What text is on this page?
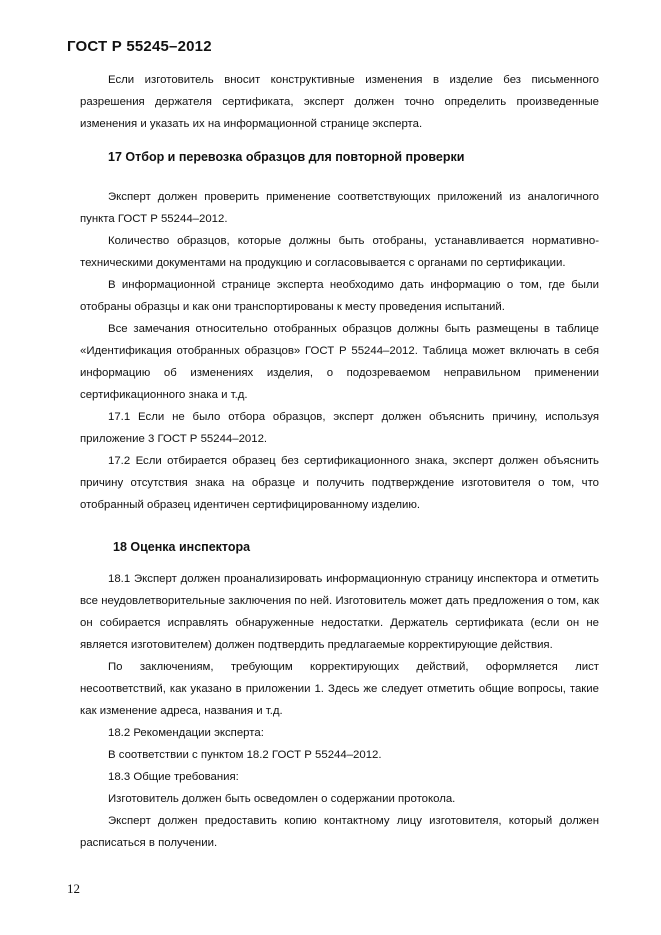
ГОСТ Р 55245–2012

Если изготовитель вносит конструктивные изменения в изделие без письменного разрешения держателя сертификата, эксперт должен точно определить произведенные изменения и указать их на информационной странице эксперта.

17 Отбор и перевозка образцов для повторной проверки

Эксперт должен проверить применение соответствующих приложений из аналогичного пункта ГОСТ Р 55244–2012.

Количество образцов, которые должны быть отобраны, устанавливается нормативно-техническими документами на продукцию и согласовывается с органами по сертификации.

В информационной странице эксперта необходимо дать информацию о том, где были отобраны образцы и как они транспортированы к месту проведения испытаний.

Все замечания относительно отобранных образцов должны быть размещены в таблице «Идентификация отобранных образцов» ГОСТ Р 55244–2012. Таблица может включать в себя информацию об изменениях изделия, о подозреваемом неправильном применении сертификационного знака и т.д.

17.1 Если не было отбора образцов, эксперт должен объяснить причину, используя приложение 3 ГОСТ Р 55244–2012.

17.2 Если отбирается образец без сертификационного знака, эксперт должен объяснить причину отсутствия знака на образце и получить подтверждение изготовителя о том, что отобранный образец идентичен сертифицированному изделию.

18 Оценка инспектора

18.1 Эксперт должен проанализировать информационную страницу инспектора и отметить все неудовлетворительные заключения по ней. Изготовитель может дать предложения о том, как он собирается исправлять обнаруженные недостатки. Держатель сертификата (если он не является изготовителем) должен подтвердить предлагаемые корректирующие действия.

По заключениям, требующим корректирующих действий, оформляется лист несоответствий, как указано в приложении 1. Здесь же следует отметить общие вопросы, такие как изменение адреса, названия и т.д.

18.2 Рекомендации эксперта:

В соответствии с пунктом 18.2 ГОСТ Р 55244–2012.

18.3 Общие требования:

Изготовитель должен быть осведомлен о содержании протокола.

Эксперт должен предоставить копию контактному лицу изготовителя, который должен расписаться в получении.

12
